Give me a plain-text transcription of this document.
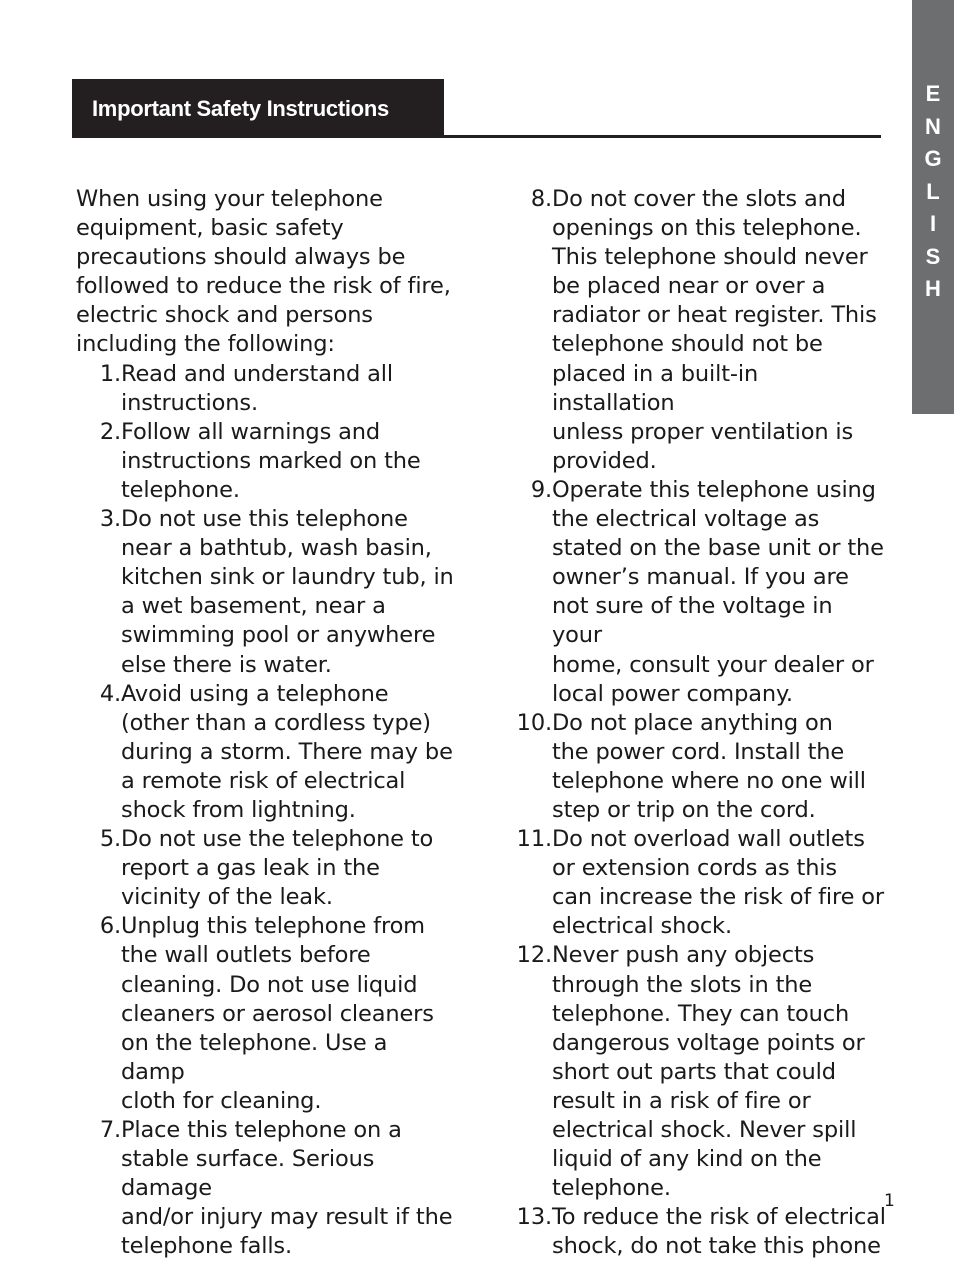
Important Safety Instructions
E
N
G
L
I
S
H

When using your telephone equipment, basic safety precautions should always be followed to reduce the risk of fire, electric shock and persons including the following:

1. Read and understand all
instructions.
2. Follow all warnings and
instructions marked on the
telephone.
3. Do not use this telephone
near a bathtub, wash basin,
kitchen sink or laundry tub, in
a wet basement, near a
swimming pool or anywhere
else there is water.
4. Avoid using a telephone
(other than a cordless type)
during a storm. There may be
a remote risk of electrical
shock from lightning.
5. Do not use the telephone to
report a gas leak in the
vicinity of the leak.
6. Unplug this telephone from
the wall outlets before
cleaning. Do not use liquid
cleaners or aerosol cleaners
on the telephone. Use a damp
cloth for cleaning.
7. Place this telephone on a
stable surface. Serious damage
and/or injury may result if the
telephone falls.
8. Do not cover the slots and
openings on this telephone.
This telephone should never
be placed near or over a
radiator or heat register. This
telephone should not be
placed in a built-in installation
unless proper ventilation is
provided.
9. Operate this telephone using
the electrical voltage as
stated on the base unit or the
owner’s manual. If you are
not sure of the voltage in your
home, consult your dealer or
local power company.
10. Do not place anything on
the power cord. Install the
telephone where no one will
step or trip on the cord.
11. Do not overload wall outlets
or extension cords as this
can increase the risk of fire or
electrical shock.
12. Never push any objects
through the slots in the
telephone. They can touch
dangerous voltage points or
short out parts that could
result in a risk of fire or
electrical shock. Never spill
liquid of any kind on the
telephone.
13. To reduce the risk of electrical
shock, do not take this phone
1
